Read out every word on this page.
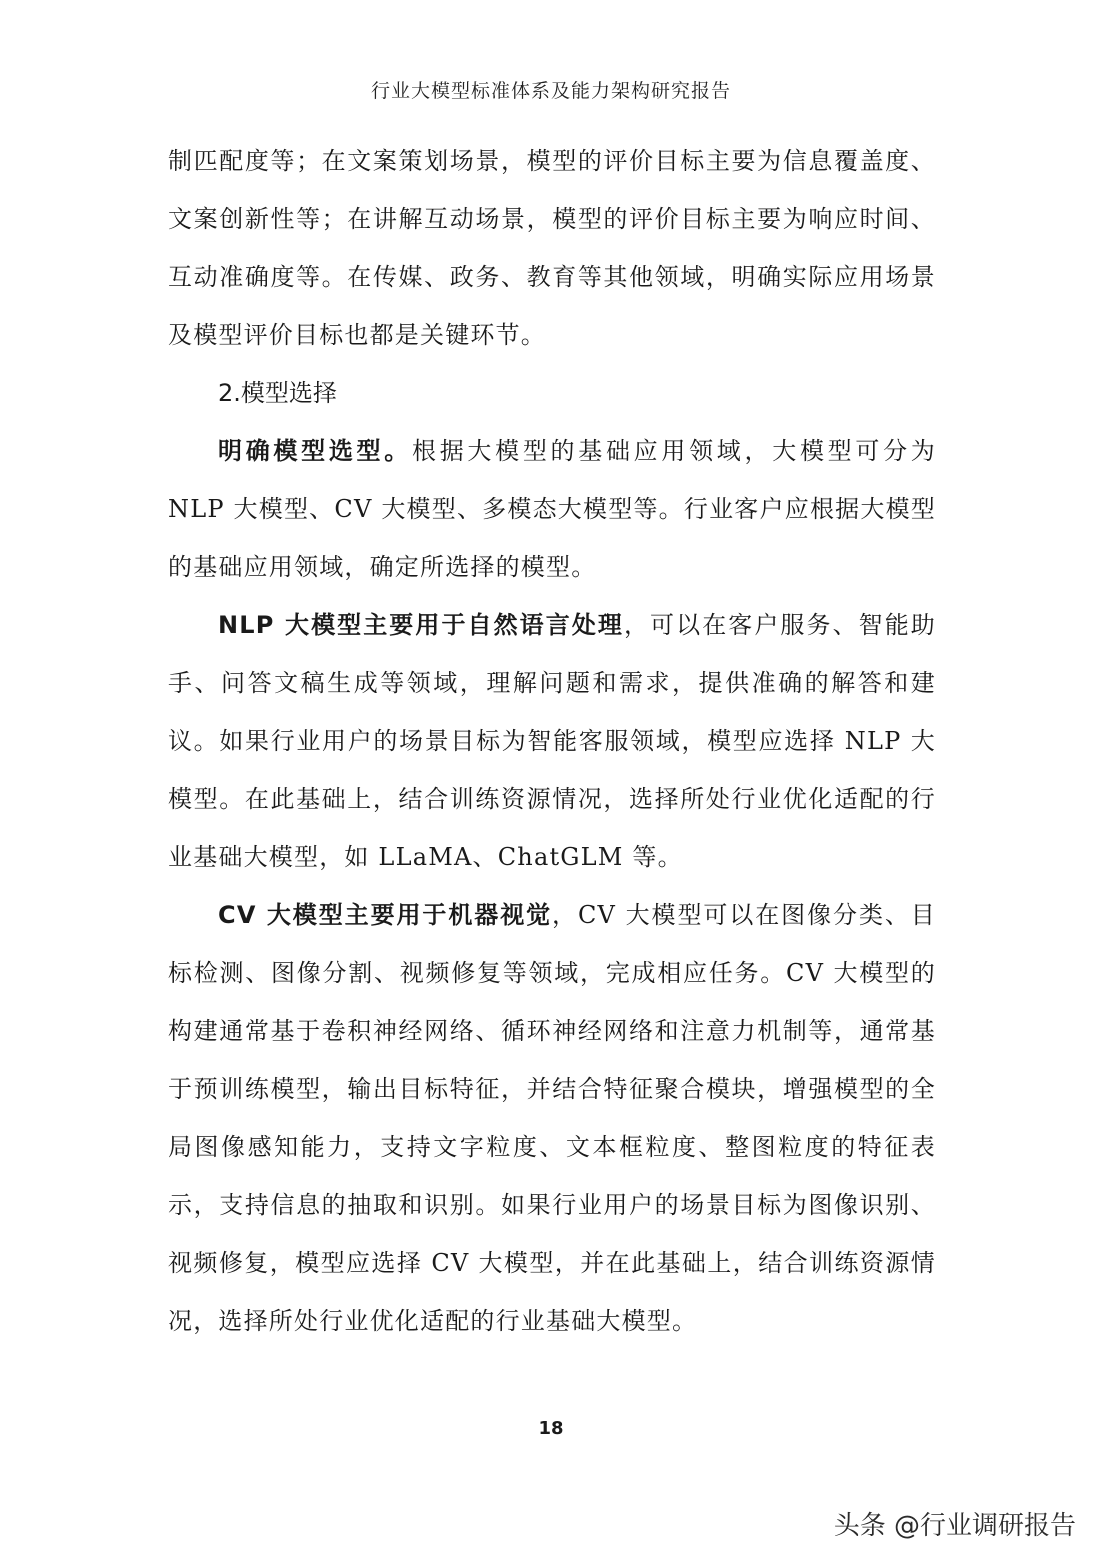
行业大模型标准体系及能力架构研究报告

制匹配度等；在文案策划场景，模型的评价目标主要为信息覆盖度、文案创新性等；在讲解互动场景，模型的评价目标主要为响应时间、互动准确度等。在传媒、政务、教育等其他领域，明确实际应用场景及模型评价目标也都是关键环节。

2.模型选择

明确模型选型。根据大模型的基础应用领域，大模型可分为 NLP 大模型、CV 大模型、多模态大模型等。行业客户应根据大模型的基础应用领域，确定所选择的模型。

NLP 大模型主要用于自然语言处理，可以在客户服务、智能助手、问答文稿生成等领域，理解问题和需求，提供准确的解答和建议。如果行业用户的场景目标为智能客服领域，模型应选择 NLP 大模型。在此基础上，结合训练资源情况，选择所处行业优化适配的行业基础大模型，如 LLaMA、ChatGLM 等。

CV 大模型主要用于机器视觉，CV 大模型可以在图像分类、目标检测、图像分割、视频修复等领域，完成相应任务。CV 大模型的构建通常基于卷积神经网络、循环神经网络和注意力机制等，通常基于预训练模型，输出目标特征，并结合特征聚合模块，增强模型的全局图像感知能力，支持文字粒度、文本框粒度、整图粒度的特征表示，支持信息的抽取和识别。如果行业用户的场景目标为图像识别、视频修复，模型应选择 CV 大模型，并在此基础上，结合训练资源情况，选择所处行业优化适配的行业基础大模型。

18
头条 @行业调研报告
